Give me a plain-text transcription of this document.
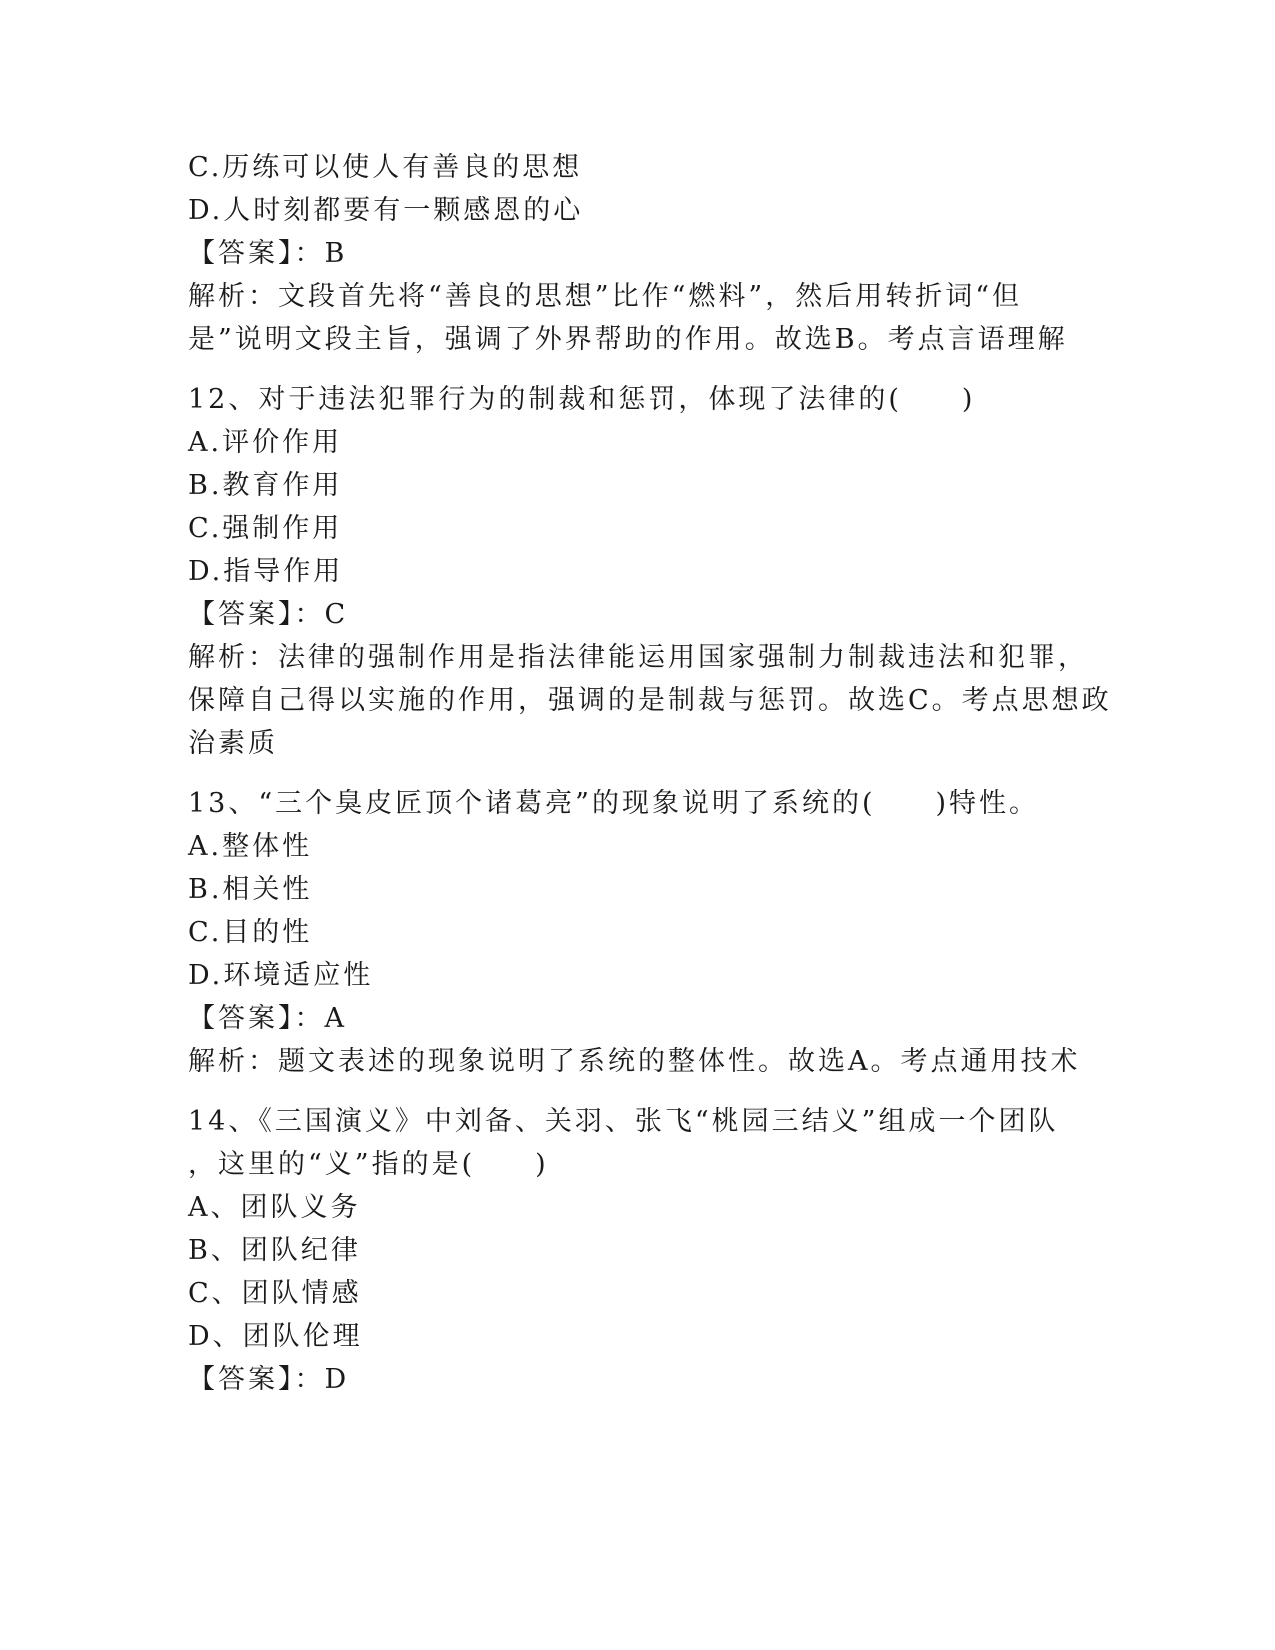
C.历练可以使人有善良的思想
D.人时刻都要有一颗感恩的心
【答案】：B
解析：文段首先将“善良的思想”比作“燃料”，然后用转折词“但
是”说明文段主旨，强调了外界帮助的作用。故选B。考点言语理解
12、对于违法犯罪行为的制裁和惩罚，体现了法律的(　　)
A.评价作用
B.教育作用
C.强制作用
D.指导作用
【答案】：C
解析：法律的强制作用是指法律能运用国家强制力制裁违法和犯罪，
保障自己得以实施的作用，强调的是制裁与惩罚。故选C。考点思想政
治素质
13、“三个臭皮匠顶个诸葛亮”的现象说明了系统的(　　)特性。
A.整体性
B.相关性
C.目的性
D.环境适应性
【答案】：A
解析：题文表述的现象说明了系统的整体性。故选A。考点通用技术
14、《三国演义》中刘备、关羽、张飞“桃园三结义”组成一个团队
，这里的“义”指的是(　　)
A、团队义务
B、团队纪律
C、团队情感
D、团队伦理
【答案】：D
